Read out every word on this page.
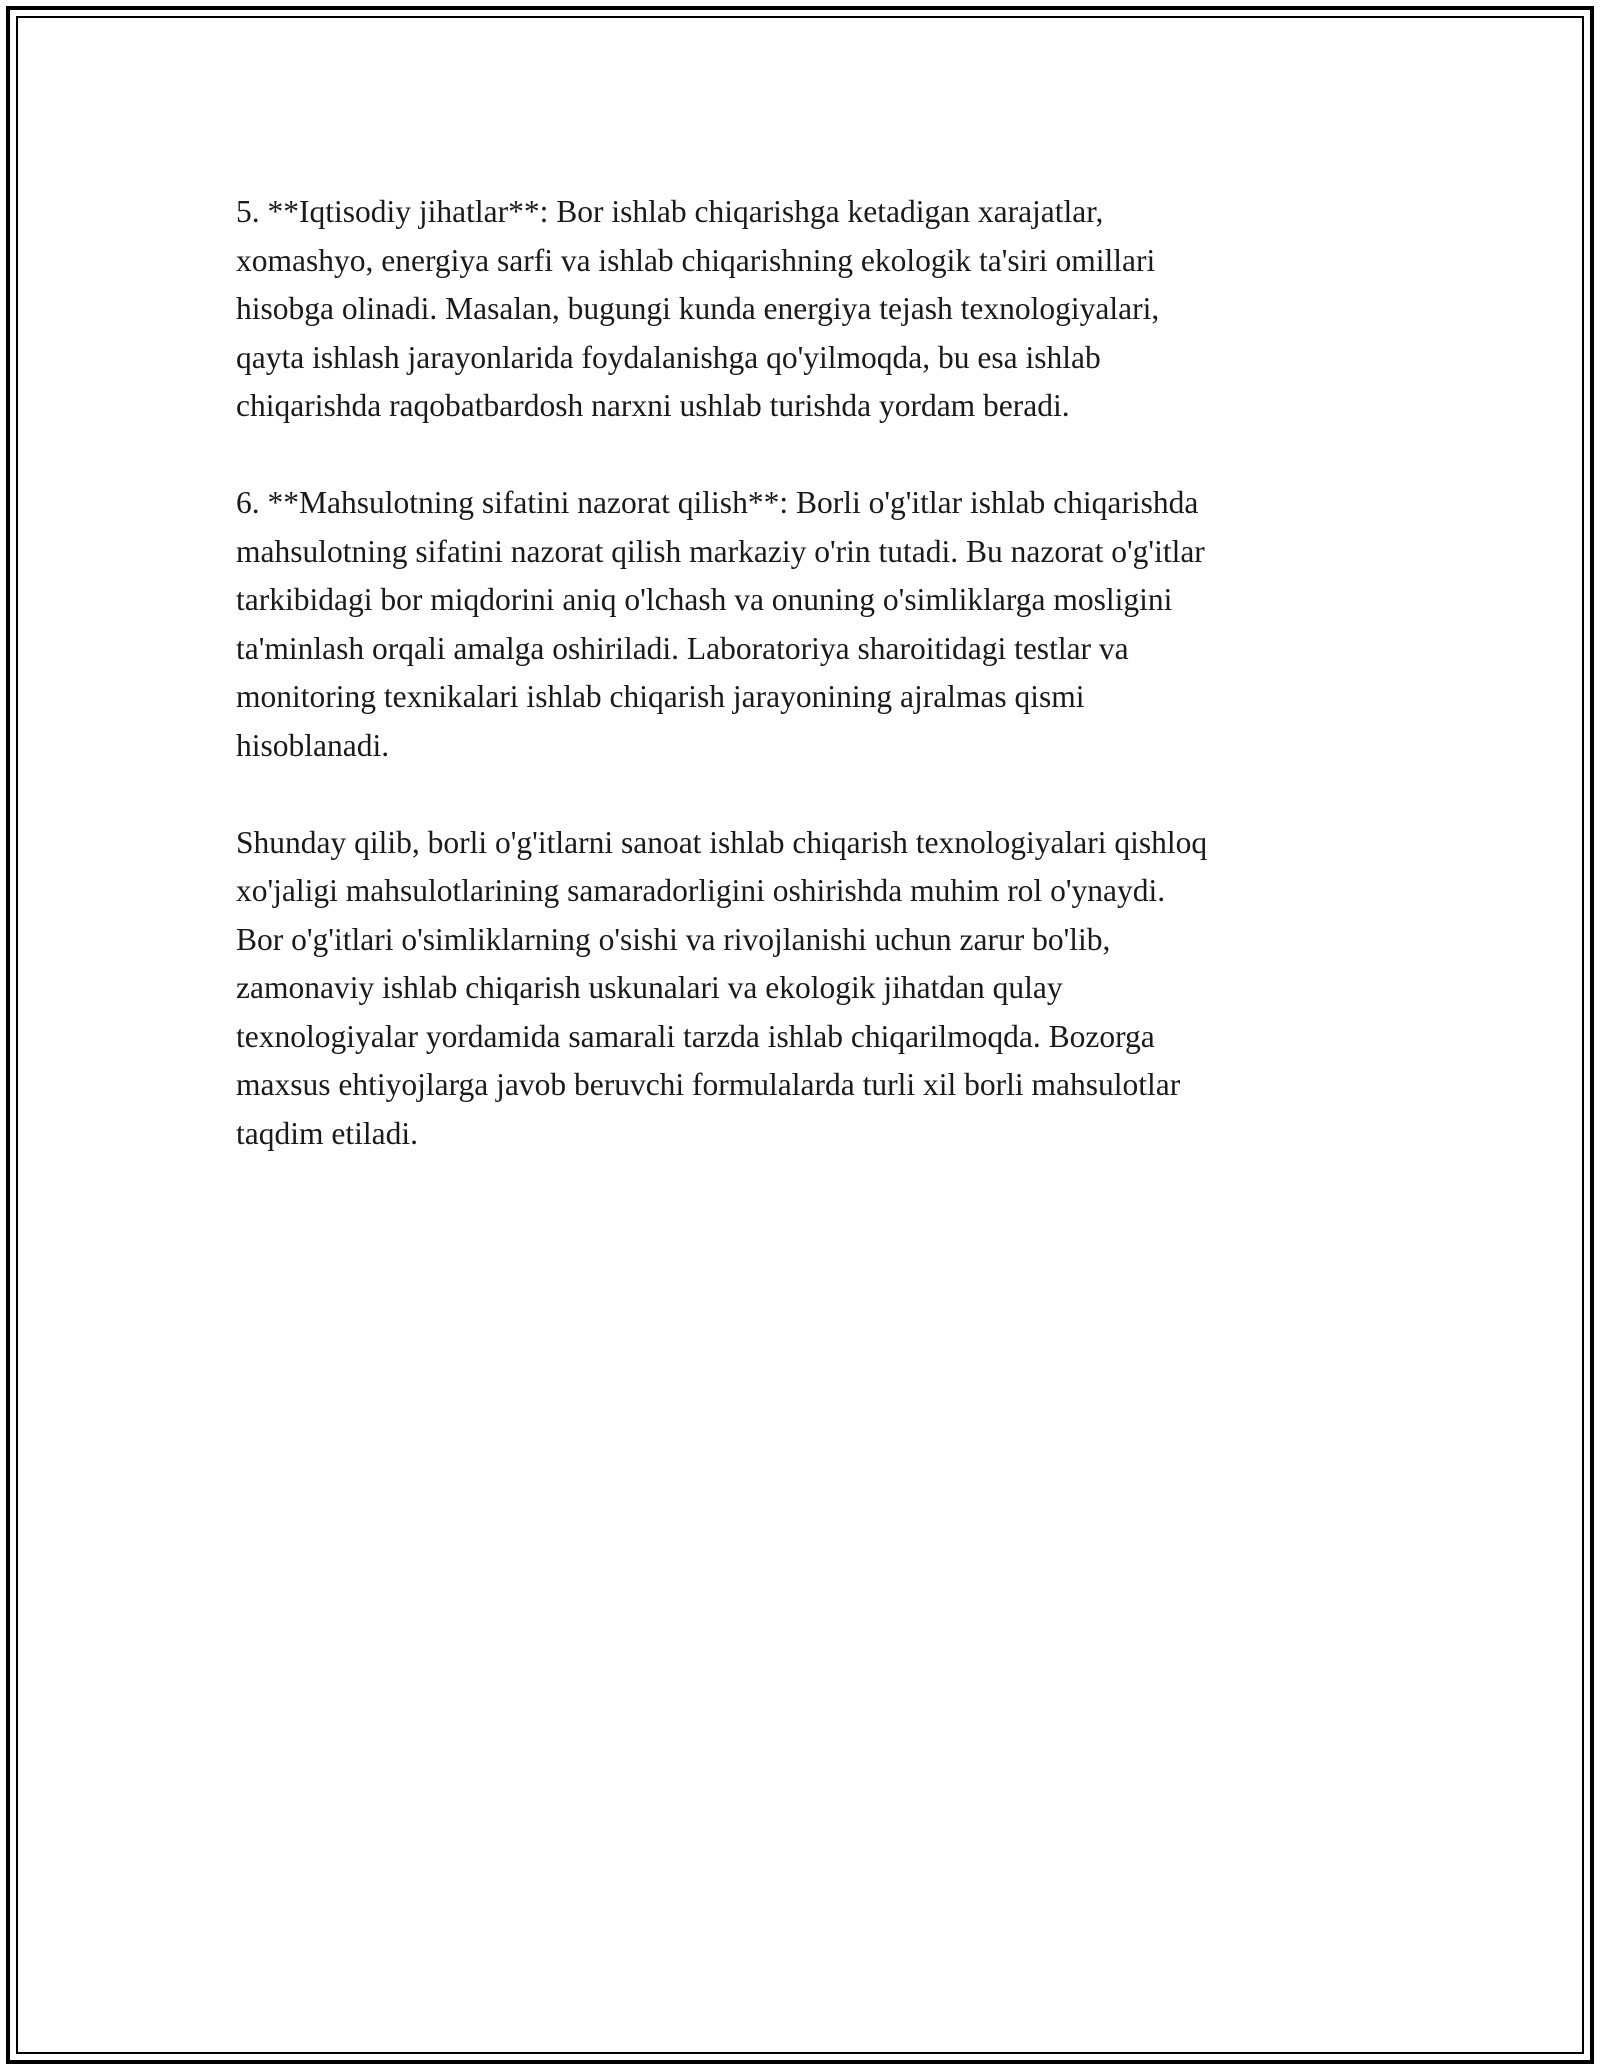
5. **Iqtisodiy jihatlar**: Bor ishlab chiqarishga ketadigan xarajatlar,
xomashyo, energiya sarfi va ishlab chiqarishning ekologik ta'siri omillari
hisobga olinadi. Masalan, bugungi kunda energiya tejash texnologiyalari,
qayta ishlash jarayonlarida foydalanishga qo'yilmoqda, bu esa ishlab
chiqarishda raqobatbardosh narxni ushlab turishda yordam beradi.

6. **Mahsulotning sifatini nazorat qilish**: Borli o'g'itlar ishlab chiqarishda
mahsulotning sifatini nazorat qilish markaziy o'rin tutadi. Bu nazorat o'g'itlar
tarkibidagi bor miqdorini aniq o'lchash va onuning o'simliklarga mosligini
ta'minlash orqali amalga oshiriladi. Laboratoriya sharoitidagi testlar va
monitoring texnikalari ishlab chiqarish jarayonining ajralmas qismi
hisoblanadi.

Shunday qilib, borli o'g'itlarni sanoat ishlab chiqarish texnologiyalari qishloq
xo'jaligi mahsulotlarining samaradorligini oshirishda muhim rol o'ynaydi.
Bor o'g'itlari o'simliklarning o'sishi va rivojlanishi uchun zarur bo'lib,
zamonaviy ishlab chiqarish uskunalari va ekologik jihatdan qulay
texnologiyalar yordamida samarali tarzda ishlab chiqarilmoqda. Bozorga
maxsus ehtiyojlarga javob beruvchi formulalarda turli xil borli mahsulotlar
taqdim etiladi.
